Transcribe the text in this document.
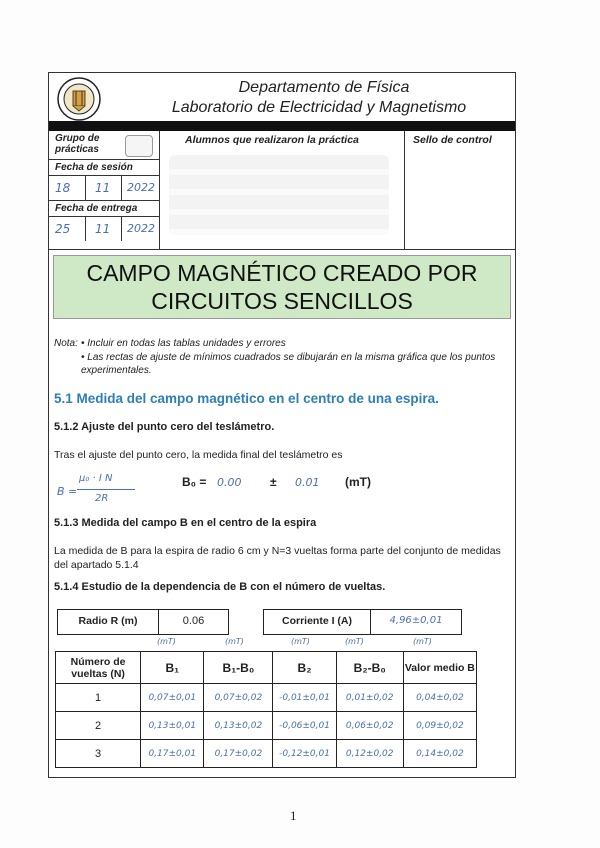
Departamento de Física
Laboratorio de Electricidad y Magnetismo
Grupo de prácticas
Fecha de sesión
18 11 2022
Fecha de entrega
25 11 2022
Alumnos que realizaron la práctica	Sello de control
CAMPO MAGNÉTICO CREADO POR
CIRCUITOS SENCILLOS
Nota: • Incluir en todas las tablas unidades y errores
• Las rectas de ajuste de mínimos cuadrados se dibujarán en la misma gráfica que los puntos experimentales.
5.1 Medida del campo magnético en el centro de una espira.
5.1.2 Ajuste del punto cero del teslámetro.
Tras el ajuste del punto cero, la medida final del teslámetro es
B =
μ₀ · I N
2R
B₀ = 0.00 ± 0.01 (mT)
5.1.3 Medida del campo B en el centro de la espira
La medida de B para la espira de radio 6 cm y N=3 vueltas forma parte del conjunto de medidas del apartado 5.1.4
5.1.4 Estudio de la dependencia de B con el número de vueltas.
Radio R (m)	0.06	Corriente I (A)	4,96±0,01
(mT)	(mT)	(mT)	(mT)	(mT)
Número de vueltas (N)	B₁	B₁-B₀	B₂	B₂-B₀	Valor medio B
1	0,07±0,01	0,07±0,02	-0,01±0,01	0,01±0,02	0,04±0,02
2	0,13±0,01	0,13±0,02	-0,06±0,01	0,06±0,02	0,09±0,02
3	0,17±0,01	0,17±0,02	-0,12±0,01	0,12±0,02	0,14±0,02
1
